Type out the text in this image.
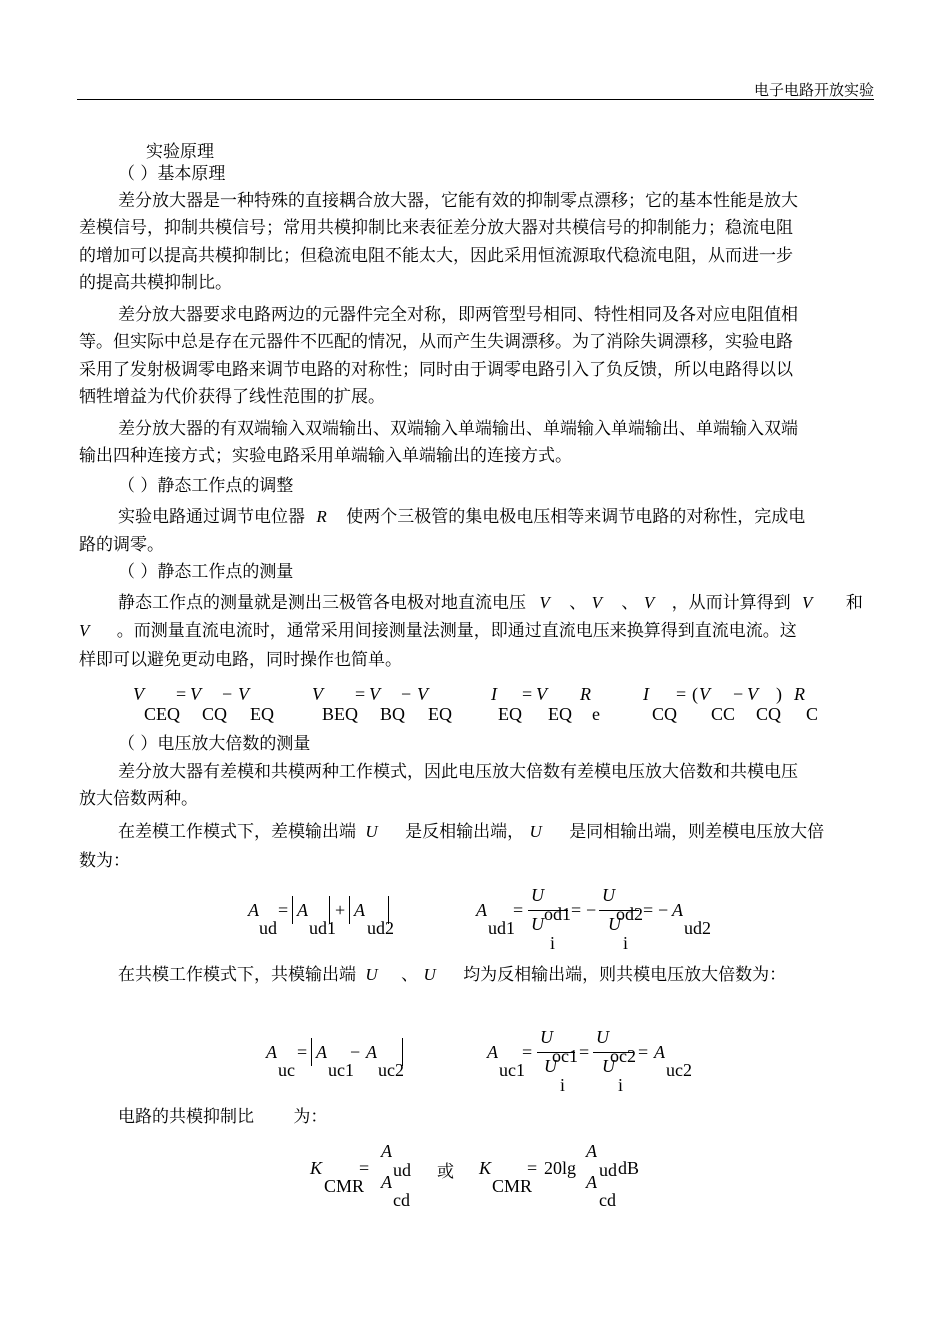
电子电路开放实验
实验原理
（ ）基本原理
差分放大器是一种特殊的直接耦合放大器，它能有效的抑制零点漂移；它的基本性能是放大
差模信号，抑制共模信号；常用共模抑制比来表征差分放大器对共模信号的抑制能力；稳流电阻
的增加可以提高共模抑制比；但稳流电阻不能太大，因此采用恒流源取代稳流电阻，从而进一步
的提高共模抑制比。
差分放大器要求电路两边的元器件完全对称，即两管型号相同、特性相同及各对应电阻值相
等。但实际中总是存在元器件不匹配的情况，从而产生失调漂移。为了消除失调漂移，实验电路
采用了发射极调零电路来调节电路的对称性；同时由于调零电路引入了负反馈，所以电路得以以
牺牲增益为代价获得了线性范围的扩展。
差分放大器的有双端输入双端输出、双端输入单端输出、单端输入单端输出、单端输入双端
输出四种连接方式；实验电路采用单端输入单端输出的连接方式。
（ ）静态工作点的调整
实验电路通过调节电位器 R 使两个三极管的集电极电压相等来调节电路的对称性，完成电
路的调零。
（ ）静态工作点的测量
静态工作点的测量就是测出三极管各电极对地直流电压 V 、 V 、 V ，从而计算得到 V 和
V 。而测量直流电流时，通常采用间接测量法测量，即通过直流电压来换算得到直流电流。这
样即可以避免更动电路，同时操作也简单。
V
CEQ
= V
CQ
− V
EQ
V
BEQ
= V
BQ
− V
EQ
I
EQ
= V
EQ
R
e
I
CQ
= ( V
CC
− V
CQ
) R
C
（ ）电压放大倍数的测量
差分放大器有差模和共模两种工作模式，因此电压放大倍数有差模电压放大倍数和共模电压
放大倍数两种。
在差模工作模式下，差模输出端 U 是反相输出端， U 是同相输出端，则差模电压放大倍
数为：
A
ud
= A
ud1
+ A
ud2
A
ud1
=
U
od1
U
i
= −
U
od2
U
i
= − A
ud2
在共模工作模式下，共模输出端 U 、 U 均为反相输出端，则共模电压放大倍数为：
A
uc
= A
uc1
− A
uc2
A
uc1
=
U
oc1
U
i
=
U
oc2
U
i
= A
uc2
电路的共模抑制比 为：
K
CMR
=
A
ud
A
cd
或 K
CMR
= 20lg
A
ud
A
cd
dB
